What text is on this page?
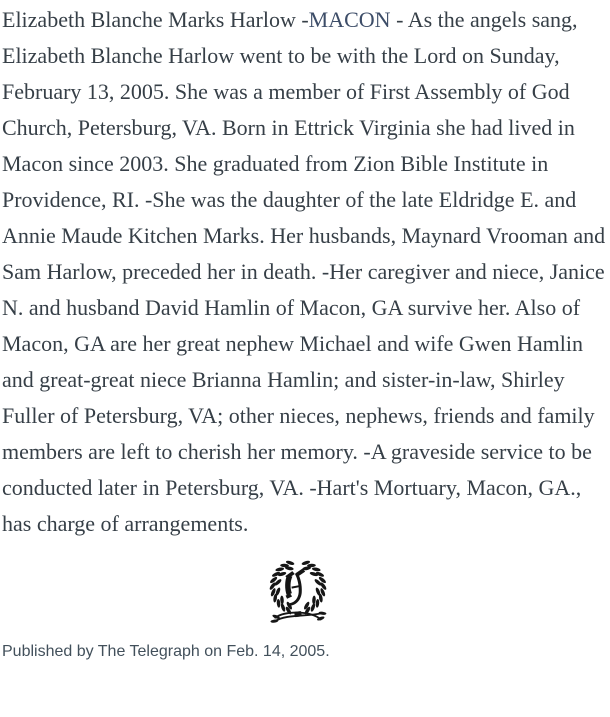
Elizabeth Blanche Marks Harlow -MACON - As the angels sang, Elizabeth Blanche Harlow went to be with the Lord on Sunday, February 13, 2005. She was a member of First Assembly of God Church, Petersburg, VA. Born in Ettrick Virginia she had lived in Macon since 2003. She graduated from Zion Bible Institute in Providence, RI. -She was the daughter of the late Eldridge E. and Annie Maude Kitchen Marks. Her husbands, Maynard Vrooman and Sam Harlow, preceded her in death. -Her caregiver and niece, Janice N. and husband David Hamlin of Macon, GA survive her. Also of Macon, GA are her great nephew Michael and wife Gwen Hamlin and great-great niece Brianna Hamlin; and sister-in-law, Shirley Fuller of Petersburg, VA; other nieces, nephews, friends and family members are left to cherish her memory. -A graveside service to be conducted later in Petersburg, VA. -Hart's Mortuary, Macon, GA., has charge of arrangements.

Published by The Telegraph on Feb. 14, 2005.
